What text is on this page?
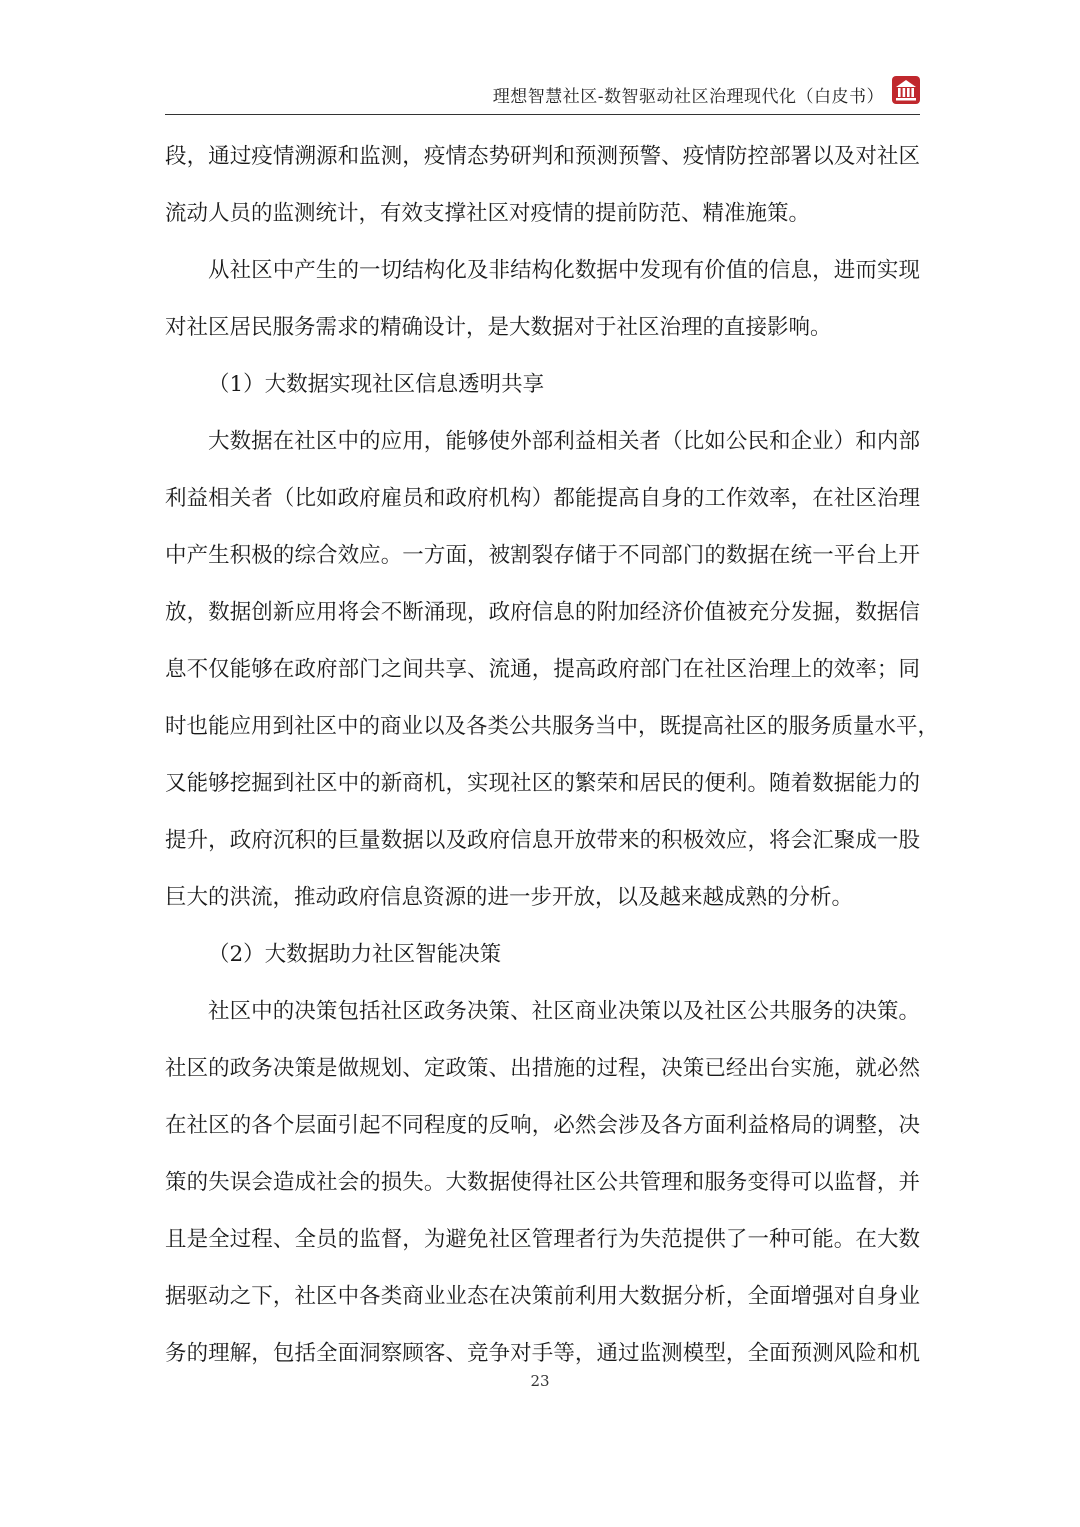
理想智慧社区-数智驱动社区治理现代化（白皮书）
段，通过疫情溯源和监测，疫情态势研判和预测预警、疫情防控部署以及对社区
流动人员的监测统计，有效支撑社区对疫情的提前防范、精准施策。
从社区中产生的一切结构化及非结构化数据中发现有价值的信息，进而实现
对社区居民服务需求的精确设计，是大数据对于社区治理的直接影响。
（1）大数据实现社区信息透明共享
大数据在社区中的应用，能够使外部利益相关者（比如公民和企业）和内部
利益相关者（比如政府雇员和政府机构）都能提高自身的工作效率，在社区治理
中产生积极的综合效应。一方面，被割裂存储于不同部门的数据在统一平台上开
放，数据创新应用将会不断涌现，政府信息的附加经济价值被充分发掘，数据信
息不仅能够在政府部门之间共享、流通，提高政府部门在社区治理上的效率；同
时也能应用到社区中的商业以及各类公共服务当中，既提高社区的服务质量水平，
又能够挖掘到社区中的新商机，实现社区的繁荣和居民的便利。随着数据能力的
提升，政府沉积的巨量数据以及政府信息开放带来的积极效应，将会汇聚成一股
巨大的洪流，推动政府信息资源的进一步开放，以及越来越成熟的分析。
（2）大数据助力社区智能决策
社区中的决策包括社区政务决策、社区商业决策以及社区公共服务的决策。
社区的政务决策是做规划、定政策、出措施的过程，决策已经出台实施，就必然
在社区的各个层面引起不同程度的反响，必然会涉及各方面利益格局的调整，决
策的失误会造成社会的损失。大数据使得社区公共管理和服务变得可以监督，并
且是全过程、全员的监督，为避免社区管理者行为失范提供了一种可能。在大数
据驱动之下，社区中各类商业业态在决策前利用大数据分析，全面增强对自身业
务的理解，包括全面洞察顾客、竞争对手等，通过监测模型，全面预测风险和机
23
